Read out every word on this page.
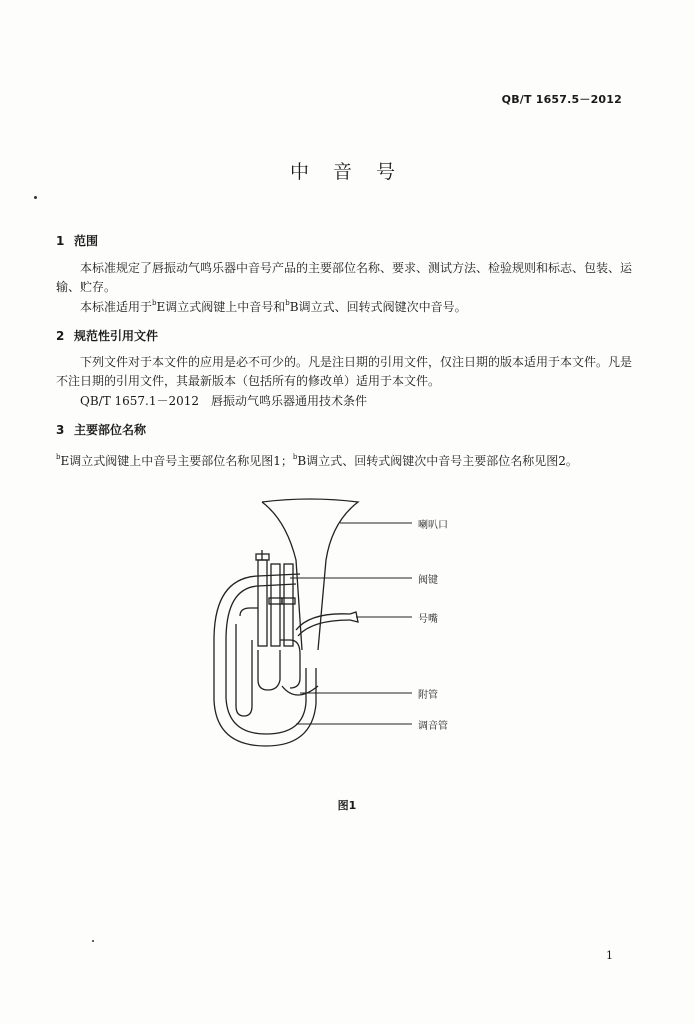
QB/T 1657.5－2012
中 音 号
1 范围
本标准规定了唇振动气鸣乐器中音号产品的主要部位名称、要求、测试方法、检验规则和标志、包装、运输、贮存。
本标准适用于$^b$E调立式阀键上中音号和$^b$B调立式、回转式阀键次中音号。
2 规范性引用文件
下列文件对于本文件的应用是必不可少的。凡是注日期的引用文件，仅注日期的版本适用于本文件。凡是不注日期的引用文件，其最新版本（包括所有的修改单）适用于本文件。
QB/T 1657.1－2012　唇振动气鸣乐器通用技术条件
3 主要部位名称
$^b$E调立式阀键上中音号主要部位名称见图1；$^b$B调立式、回转式阀键次中音号主要部位名称见图2。
喇叭口
阀键
号嘴
附管
调音管
图1
1
